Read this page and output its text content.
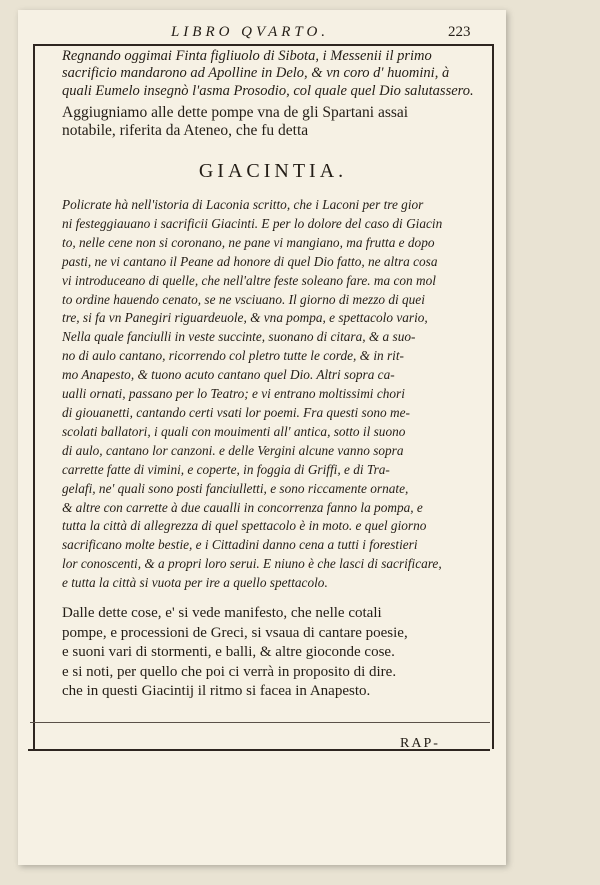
LIBRO QVARTO.	223
Regnando oggimai Finta figliuolo di Sibota, i Messenii il primo
sacrificio mandarono ad Apolline in Delo, & vn coro d' huomini, à
quali Eumelo insegnò l'asma Prosodio, col quale quel Dio salutassero.
Aggiugniamo alle dette pompe vna de gli Spartani assai
notabile, riferita da Ateneo, che fu detta
GIACINTIA.
Policrate hà nell'istoria di Laconia scritto, che i Laconi per tre gior
ni festeggiauano i sacrificii Giacinti. E per lo dolore del caso di Giacin
to, nelle cene non si coronano, ne pane vi mangiano, ma frutta e dopo
pasti, ne vi cantano il Peane ad honore di quel Dio fatto, ne altra cosa
vi introduceano di quelle, che nell'altre feste soleano fare. ma con mol
to ordine hauendo cenato, se ne vsciuano. Il giorno di mezzo di quei
tre, si fa vn Panegiri riguardeuole, & vna pompa, e spettacolo vario,
Nella quale fanciulli in veste succinte, suonano di citara, & a suo-
no di aulo cantano, ricorrendo col pletro tutte le corde, & in rit-
mo Anapesto, & tuono acuto cantano quel Dio. Altri sopra ca-
ualli ornati, passano per lo Teatro; e vi entrano moltissimi chori
di giouanetti, cantando certi vsati lor poemi. Fra questi sono me-
scolati ballatori, i quali con mouimenti all' antica, sotto il suono
di aulo, cantano lor canzoni. e delle Vergini alcune vanno sopra
carrette fatte di vimini, e coperte, in foggia di Griffi, e di Tra-
gelafi, ne' quali sono posti fanciulletti, e sono riccamente ornate,
& altre con carrette à due caualli in concorrenza fanno la pompa, e
tutta la città di allegrezza di quel spettacolo è in moto. e quel giorno
sacrificano molte bestie, e i Cittadini danno cena a tutti i forestieri
lor conoscenti, & a propri loro serui. E niuno è che lasci di sacrificare,
e tutta la città si vuota per ire a quello spettacolo.
Dalle dette cose, e' si vede manifesto, che nelle cotali
pompe, e processioni de Greci, si vsaua di cantare poesie,
e suoni vari di stormenti, e balli, & altre gioconde cose.
e si noti, per quello che poi ci verrà in proposito di dire.
che in questi Giacintij il ritmo si facea in Anapesto.
RAP-
